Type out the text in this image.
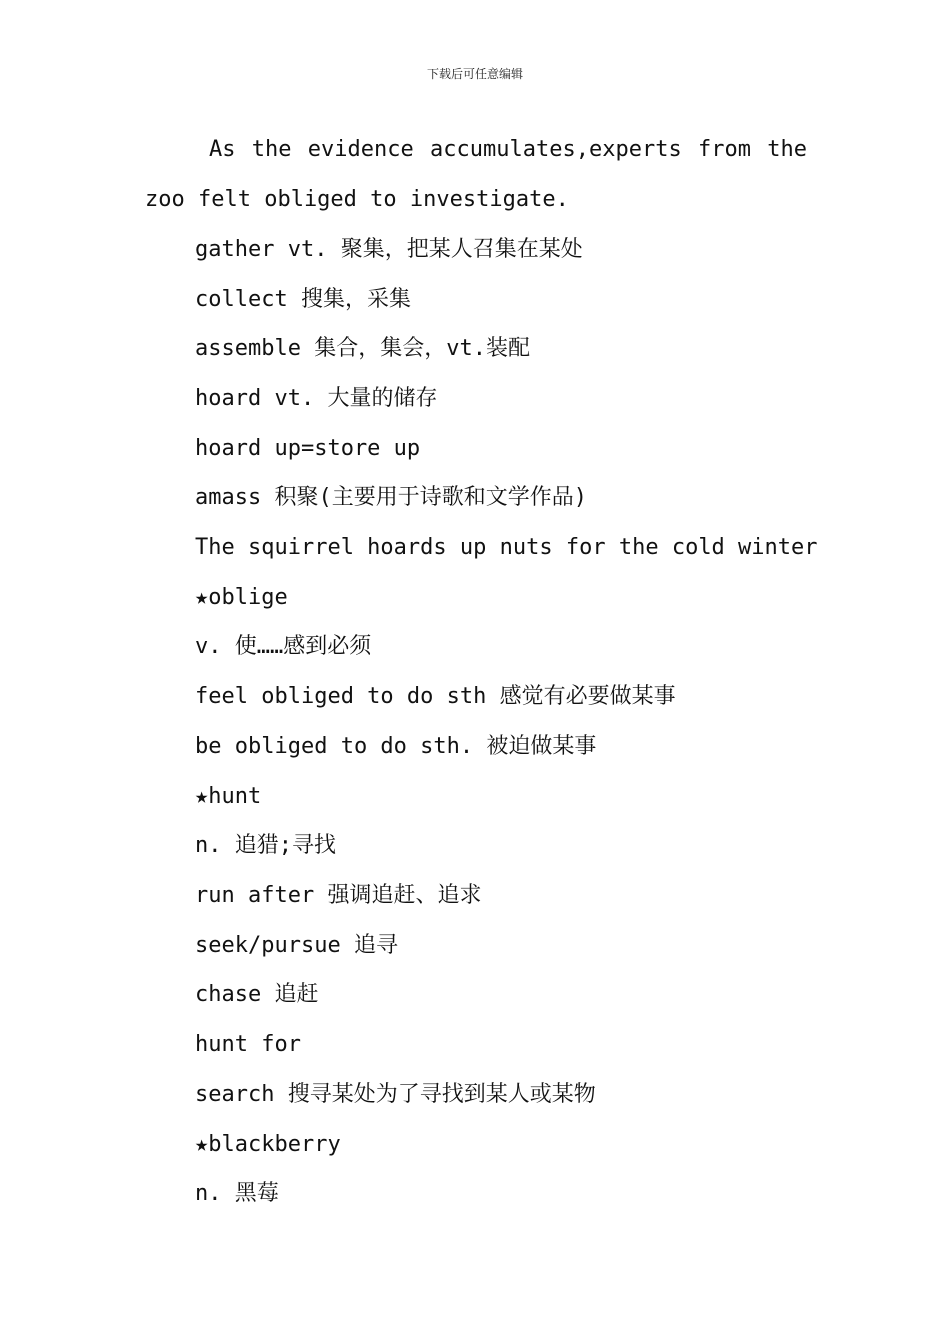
下载后可任意编辑
As the evidence accumulates,experts from the
zoo felt obliged to investigate.
gather vt. 聚集，把某人召集在某处
collect 搜集，采集
assemble 集合，集会，vt.装配
hoard vt. 大量的储存
hoard up=store up
amass 积聚(主要用于诗歌和文学作品)
The squirrel hoards up nuts for the cold winter
★oblige
v. 使……感到必须
feel obliged to do sth 感觉有必要做某事
be obliged to do sth. 被迫做某事
★hunt
n. 追猎;寻找
run after 强调追赶、追求
seek/pursue 追寻
chase 追赶
hunt for
search 搜寻某处为了寻找到某人或某物
★blackberry
n. 黑莓
